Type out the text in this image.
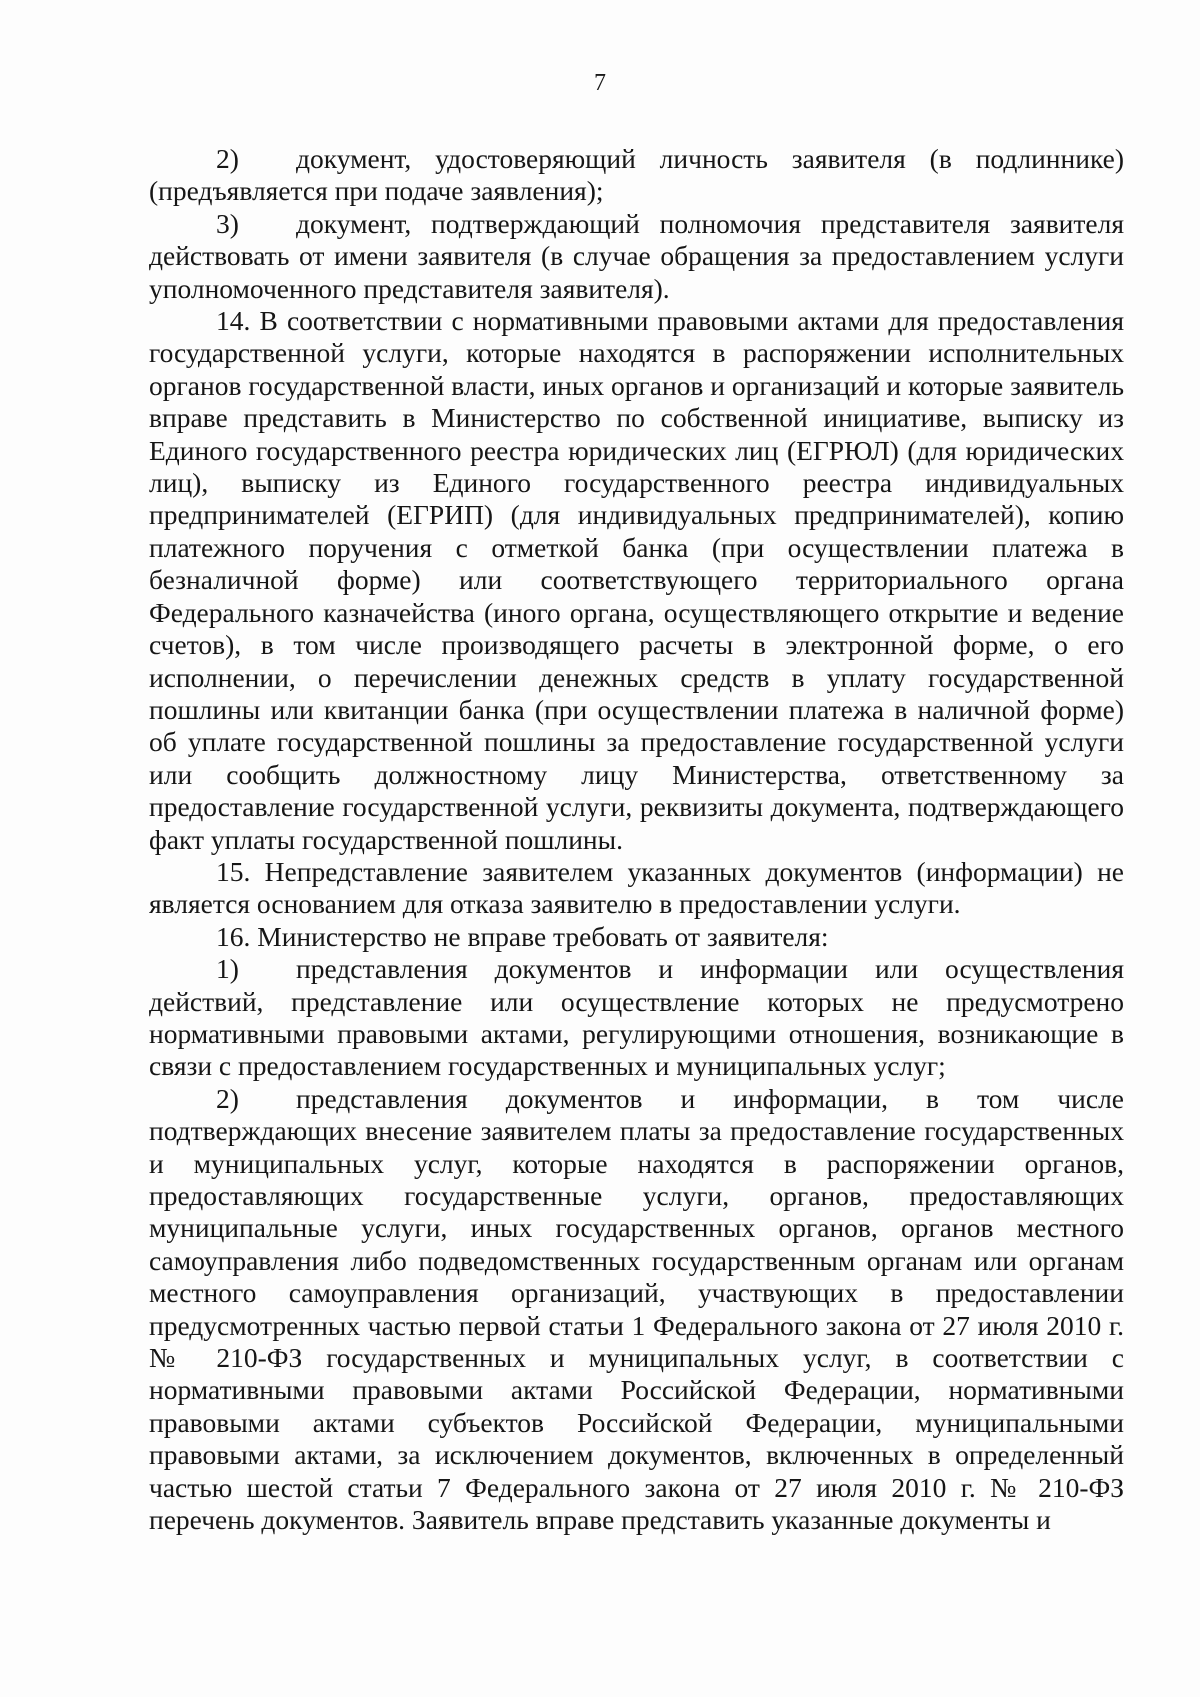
7

2) документ, удостоверяющий личность заявителя (в подлиннике) (предъявляется при подаче заявления);

3) документ, подтверждающий полномочия представителя заявителя действовать от имени заявителя (в случае обращения за предоставлением услуги уполномоченного представителя заявителя).

14. В соответствии с нормативными правовыми актами для предоставления государственной услуги, которые находятся в распоряжении исполнительных органов государственной власти, иных органов и организаций и которые заявитель вправе представить в Министерство по собственной инициативе, выписку из Единого государственного реестра юридических лиц (ЕГРЮЛ) (для юридических лиц), выписку из Единого государственного реестра индивидуальных предпринимателей (ЕГРИП) (для индивидуальных предпринимателей), копию платежного поручения с отметкой банка (при осуществлении платежа в безналичной форме) или соответствующего территориального органа Федерального казначейства (иного органа, осуществляющего открытие и ведение счетов), в том числе производящего расчеты в электронной форме, о его исполнении, о перечислении денежных средств в уплату государственной пошлины или квитанции банка (при осуществлении платежа в наличной форме) об уплате государственной пошлины за предоставление государственной услуги или сообщить должностному лицу Министерства, ответственному за предоставление государственной услуги, реквизиты документа, подтверждающего факт уплаты государственной пошлины.

15. Непредставление заявителем указанных документов (информации) не является основанием для отказа заявителю в предоставлении услуги.

16. Министерство не вправе требовать от заявителя:

1) представления документов и информации или осуществления действий, представление или осуществление которых не предусмотрено нормативными правовыми актами, регулирующими отношения, возникающие в связи с предоставлением государственных и муниципальных услуг;

2) представления документов и информации, в том числе подтверждающих внесение заявителем платы за предоставление государственных и муниципальных услуг, которые находятся в распоряжении органов, предоставляющих государственные услуги, органов, предоставляющих муниципальные услуги, иных государственных органов, органов местного самоуправления либо подведомственных государственным органам или органам местного самоуправления организаций, участвующих в предоставлении предусмотренных частью первой статьи 1 Федерального закона от 27 июля 2010 г. № 210-ФЗ государственных и муниципальных услуг, в соответствии с нормативными правовыми актами Российской Федерации, нормативными правовыми актами субъектов Российской Федерации, муниципальными правовыми актами, за исключением документов, включенных в определенный частью шестой статьи 7 Федерального закона от 27 июля 2010 г. № 210-ФЗ перечень документов. Заявитель вправе представить указанные документы и
